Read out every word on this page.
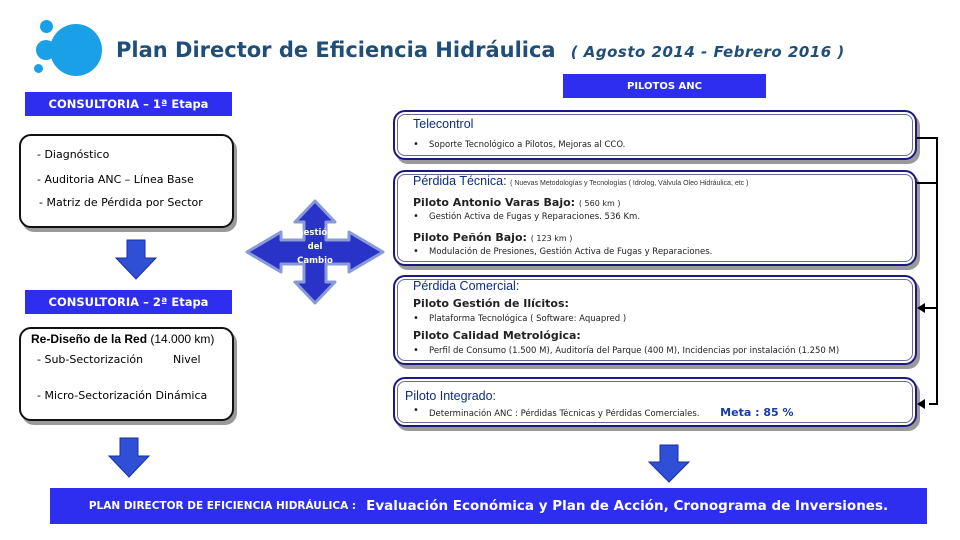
Plan Director de Eficiencia Hidráulica ( Agosto 2014 - Febrero 2016 )
PILOTOS ANC
CONSULTORIA – 1ª Etapa
- Diagnóstico
- Auditoria ANC – Línea Base
- Matriz de Pérdida por Sector
CONSULTORIA – 2ª Etapa
Re-Diseño de la Red (14.000 km)
- Sub-Sectorización	Nivel
- Micro-Sectorización Dinámica
Gestión
del
Cambio
Telecontrol
• Soporte Tecnológico a Pilotos, Mejoras al CCO.
Pérdida Técnica: ( Nuevas Metodologías y Tecnologías ( Idrolog, Válvula Oleo Hidráulica, etc )
Piloto Antonio Varas Bajo: ( 560 km )
• Gestión Activa de Fugas y Reparaciones. 536 Km.
Piloto Peñón Bajo: ( 123 km )
• Modulación de Presiones, Gestión Activa de Fugas y Reparaciones.
Pérdida Comercial:
Piloto Gestión de Ilícitos:
• Plataforma Tecnológica ( Software: Aquapred )
Piloto Calidad Metrológica:
• Perfil de Consumo (1.500 M), Auditoría del Parque (400 M), Incidencias por instalación (1.250 M)
Piloto Integrado:
• Determinación ANC : Pérdidas Técnicas y Pérdidas Comerciales. Meta : 85 %
PLAN DIRECTOR DE EFICIENCIA HIDRÁULICA : Evaluación Económica y Plan de Acción, Cronograma de Inversiones.
